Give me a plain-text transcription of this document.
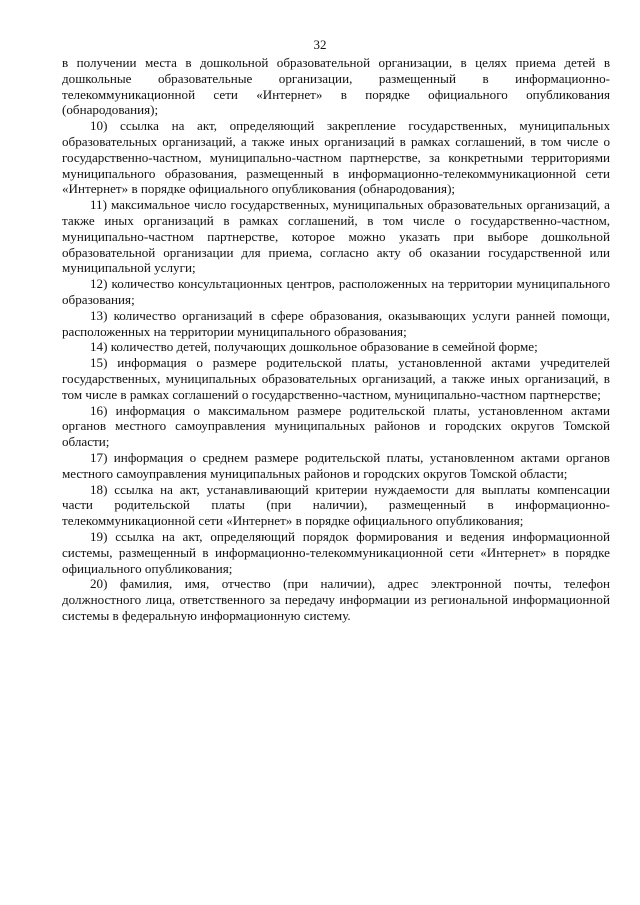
32

в получении места в дошкольной образовательной организации, в целях приема детей в дошкольные образовательные организации, размещенный в информационно-телекоммуникационной сети «Интернет» в порядке официального опубликования (обнародования);

10) ссылка на акт, определяющий закрепление государственных, муниципальных образовательных организаций, а также иных организаций в рамках соглашений, в том числе о государственно-частном, муниципально-частном партнерстве, за конкретными территориями муниципального образования, размещенный в информационно-телекоммуникационной сети «Интернет» в порядке официального опубликования (обнародования);

11) максимальное число государственных, муниципальных образовательных организаций, а также иных организаций в рамках соглашений, в том числе о государственно-частном, муниципально-частном партнерстве, которое можно указать при выборе дошкольной образовательной организации для приема, согласно акту об оказании государственной или муниципальной услуги;

12) количество консультационных центров, расположенных на территории муниципального образования;

13) количество организаций в сфере образования, оказывающих услуги ранней помощи, расположенных на территории муниципального образования;

14) количество детей, получающих дошкольное образование в семейной форме;

15) информация о размере родительской платы, установленной актами учредителей государственных, муниципальных образовательных организаций, а также иных организаций, в том числе в рамках соглашений о государственно-частном, муниципально-частном партнерстве;

16) информация о максимальном размере родительской платы, установленном актами органов местного самоуправления муниципальных районов и городских округов Томской области;

17) информация о среднем размере родительской платы, установленном актами органов местного самоуправления муниципальных районов и городских округов Томской области;

18) ссылка на акт, устанавливающий критерии нуждаемости для выплаты компенсации части родительской платы (при наличии), размещенный в информационно-телекоммуникационной сети «Интернет» в порядке официального опубликования;

19) ссылка на акт, определяющий порядок формирования и ведения информационной системы, размещенный в информационно-телекоммуникационной сети «Интернет» в порядке официального опубликования;

20) фамилия, имя, отчество (при наличии), адрес электронной почты, телефон должностного лица, ответственного за передачу информации из региональной информационной системы в федеральную информационную систему.
